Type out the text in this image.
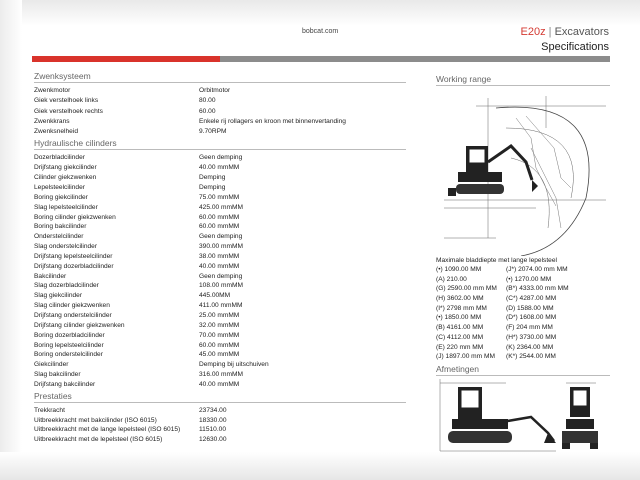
bobcat.com	E20z | Excavators
Specifications
Zwenksysteem
Zwenkmotor	Orbitmotor
Giek verstelhoek links	80.00
Giek verstelhoek rechts	60.00
Zwenkkrans	Enkele rij rollagers en kroon met binnenvertanding
Zwenksnelheid	9.70RPM
Hydraulische cilinders
Dozerbladcilinder	Geen demping
Drijfstang giekcilinder	40.00 mmMM
Cilinder giekzwenken	Demping
Lepelsteelcilinder	Demping
Boring giekcilinder	75.00 mmMM
Slag lepelsteelcilinder	425.00 mmMM
Boring cilinder giekzwenken	60.00 mmMM
Boring bakcilinder	60.00 mmMM
Onderstelcilinder	Geen demping
Slag onderstelcilinder	390.00 mmMM
Drijfstang lepelsteelcilinder	38.00 mmMM
Drijfstang dozerbladcilinder	40.00 mmMM
Bakcilinder	Geen demping
Slag dozerbladcilinder	108.00 mmMM
Slag giekcilinder	445.00MM
Slag cilinder giekzwenken	411.00 mmMM
Drijfstang onderstelcilinder	25.00 mmMM
Drijfstang cilinder giekzwenken	32.00 mmMM
Boring dozerbladcilinder	70.00 mmMM
Boring lepelsteelcilinder	60.00 mmMM
Boring onderstelcilinder	45.00 mmMM
Giekcilinder	Demping bij uitschuiven
Slag bakcilinder	316.00 mmMM
Drijfstang bakcilinder	40.00 mmMM
Prestaties
Trekkracht	23734.00
Uitbreekkracht met bakcilinder (ISO 6015)	18330.00
Uitbreekkracht met de lange lepelsteel (ISO 6015)	11510.00
Uitbreekkracht met de lepelsteel (ISO 6015)	12630.00
Working range
Maximale bladdiepte met lange lepelsteel
(•) 1090.00 MM	(J*) 2074.00 mm MM
(A) 210.00	(•) 1270.00 MM
(G) 2590.00 mm MM	(B*) 4333.00 mm MM
(H) 3602.00 MM	(C*) 4287.00 MM
(I*) 2798 mm MM	(D) 1588.00 MM
(•) 1850.00 MM	(D*) 1608.00 MM
(B) 4161.00 MM	(F) 204 mm MM
(C) 4112.00 MM	(H*) 3730.00 MM
(E) 220 mm MM	(K) 2364.00 MM
(J) 1897.00 mm MM	(K*) 2544.00 MM
Afmetingen
